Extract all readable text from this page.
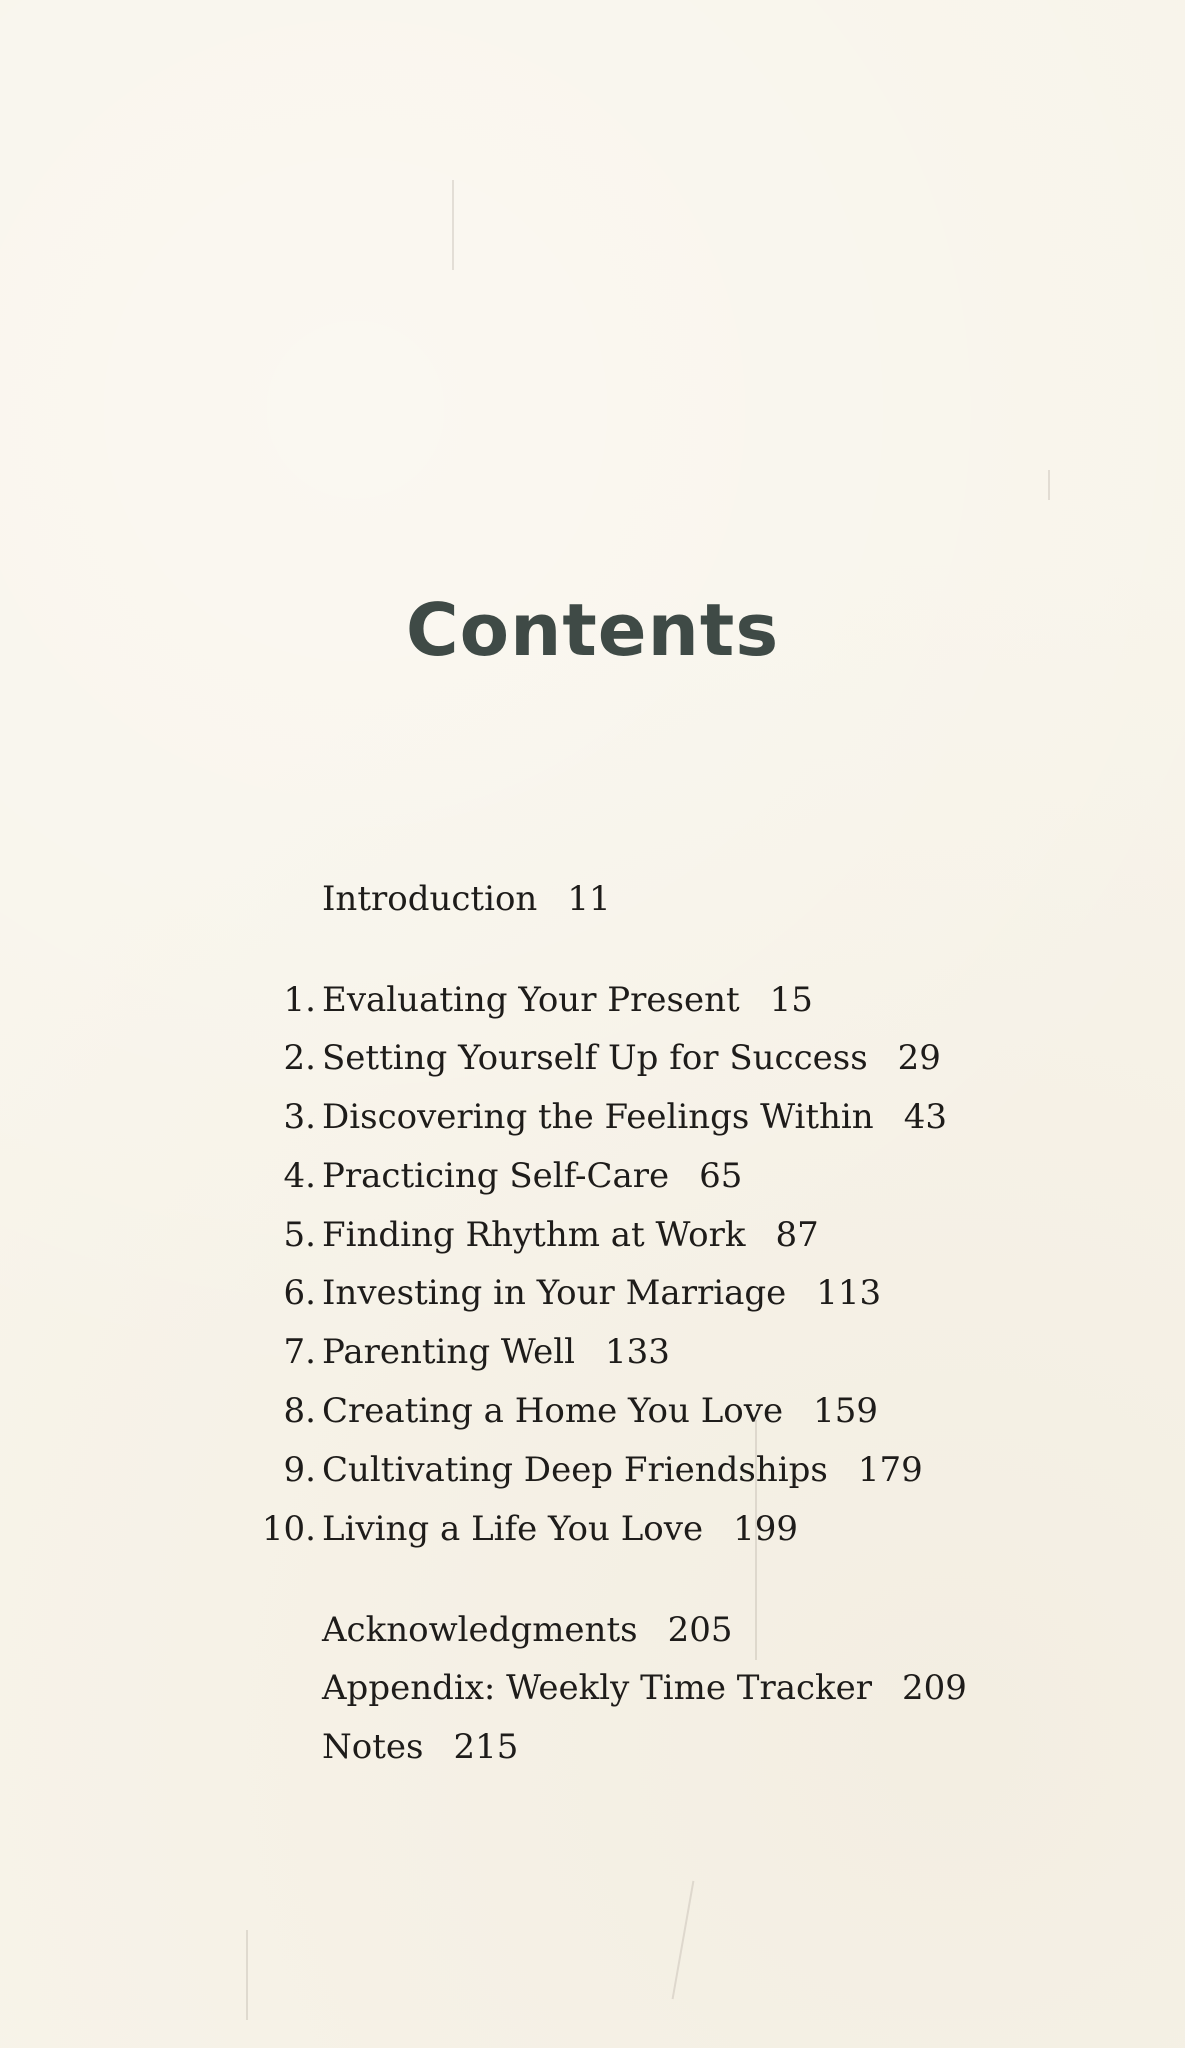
Contents
Introduction 11
1. Evaluating Your Present 15
2. Setting Yourself Up for Success 29
3. Discovering the Feelings Within 43
4. Practicing Self-Care 65
5. Finding Rhythm at Work 87
6. Investing in Your Marriage 113
7. Parenting Well 133
8. Creating a Home You Love 159
9. Cultivating Deep Friendships 179
10. Living a Life You Love 199
Acknowledgments 205
Appendix: Weekly Time Tracker 209
Notes 215
